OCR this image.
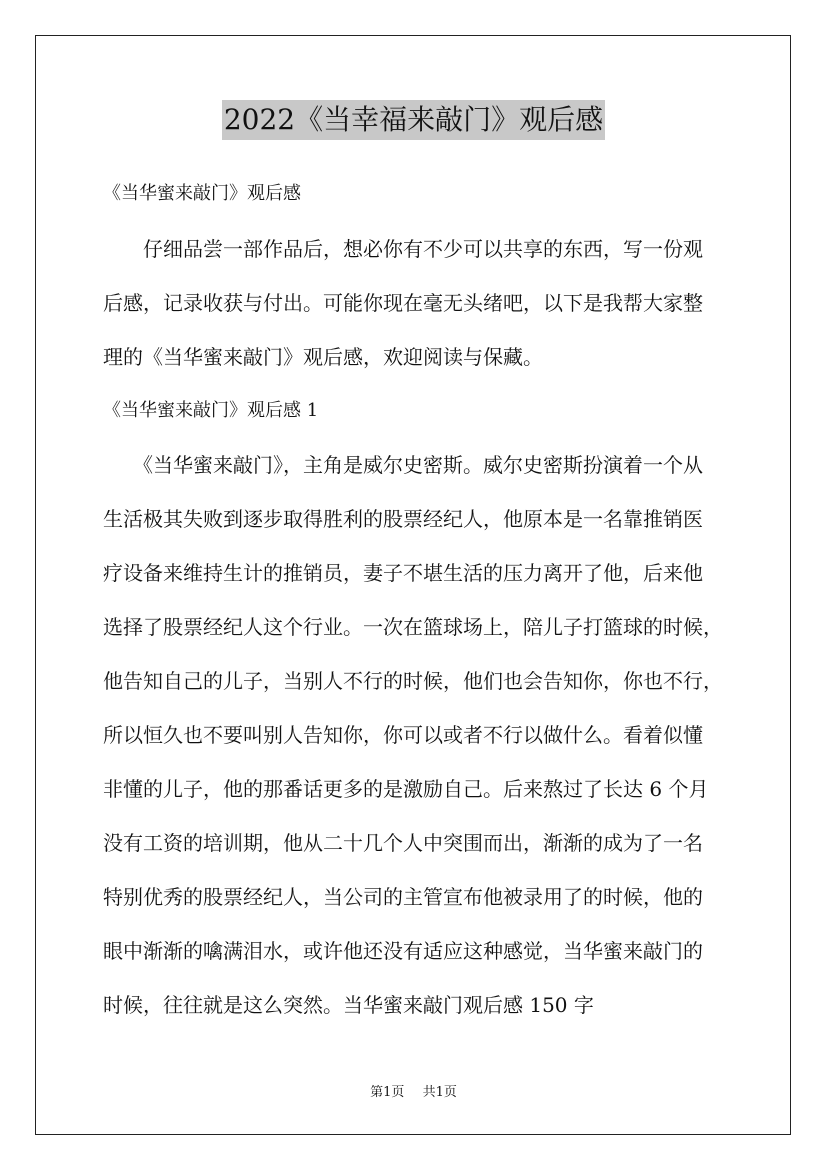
2022《当幸福来敲门》观后感
《当华蜜来敲门》观后感
　　仔细品尝一部作品后，想必你有不少可以共享的东西，写一份观
后感，记录收获与付出。可能你现在毫无头绪吧，以下是我帮大家整
理的《当华蜜来敲门》观后感，欢迎阅读与保藏。
《当华蜜来敲门》观后感 1
　　《当华蜜来敲门》，主角是威尔史密斯。威尔史密斯扮演着一个从
生活极其失败到逐步取得胜利的股票经纪人，他原本是一名靠推销医
疗设备来维持生计的推销员，妻子不堪生活的压力离开了他，后来他
选择了股票经纪人这个行业。一次在篮球场上，陪儿子打篮球的时候，
他告知自己的儿子，当别人不行的时候，他们也会告知你，你也不行，
所以恒久也不要叫别人告知你，你可以或者不行以做什么。看着似懂
非懂的儿子，他的那番话更多的是激励自己。后来熬过了长达 6 个月
没有工资的培训期，他从二十几个人中突围而出，渐渐的成为了一名
特别优秀的股票经纪人，当公司的主管宣布他被录用了的时候，他的
眼中渐渐的噙满泪水，或许他还没有适应这种感觉，当华蜜来敲门的
时候，往往就是这么突然。当华蜜来敲门观后感 150 字
第1页 共1页
